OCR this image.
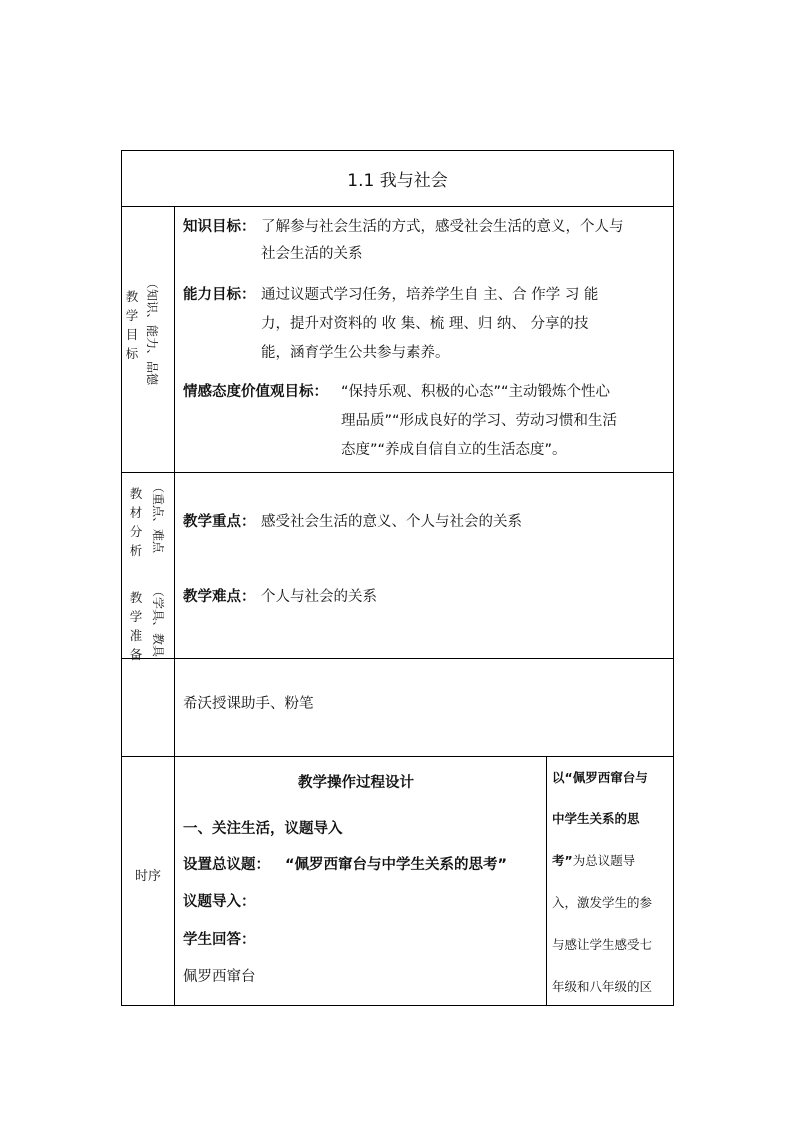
1.1 我与社会
教学目标 （知识、能力、品德
知识目标： 了解参与社会生活的方式，感受社会生活的意义，个人与
社会生活的关系
能力目标： 通过议题式学习任务，培养学生自 主、合 作学 习 能
力，提升对资料的 收 集、梳 理、归 纳、 分享的技
能，涵育学生公共参与素养。
情感态度价值观目标： “保持乐观、积极的心态”“主动锻炼个性心
理品质”“形成良好的学习、劳动习惯和生活
态度”“养成自信自立的生活态度”。
教材分析 （重点、难点
教学准备 （学具、教具
教学重点： 感受社会生活的意义、个人与社会的关系
教学难点： 个人与社会的关系
希沃授课助手、粉笔
时序
教学操作过程设计
一、关注生活，议题导入
设置总议题： “佩罗西窜台与中学生关系的思考”
议题导入：
学生回答：
佩罗西窜台
以“佩罗西窜台与
中学生关系的思
考”为总议题导
入，激发学生的参
与感让学生感受七
年级和八年级的区
